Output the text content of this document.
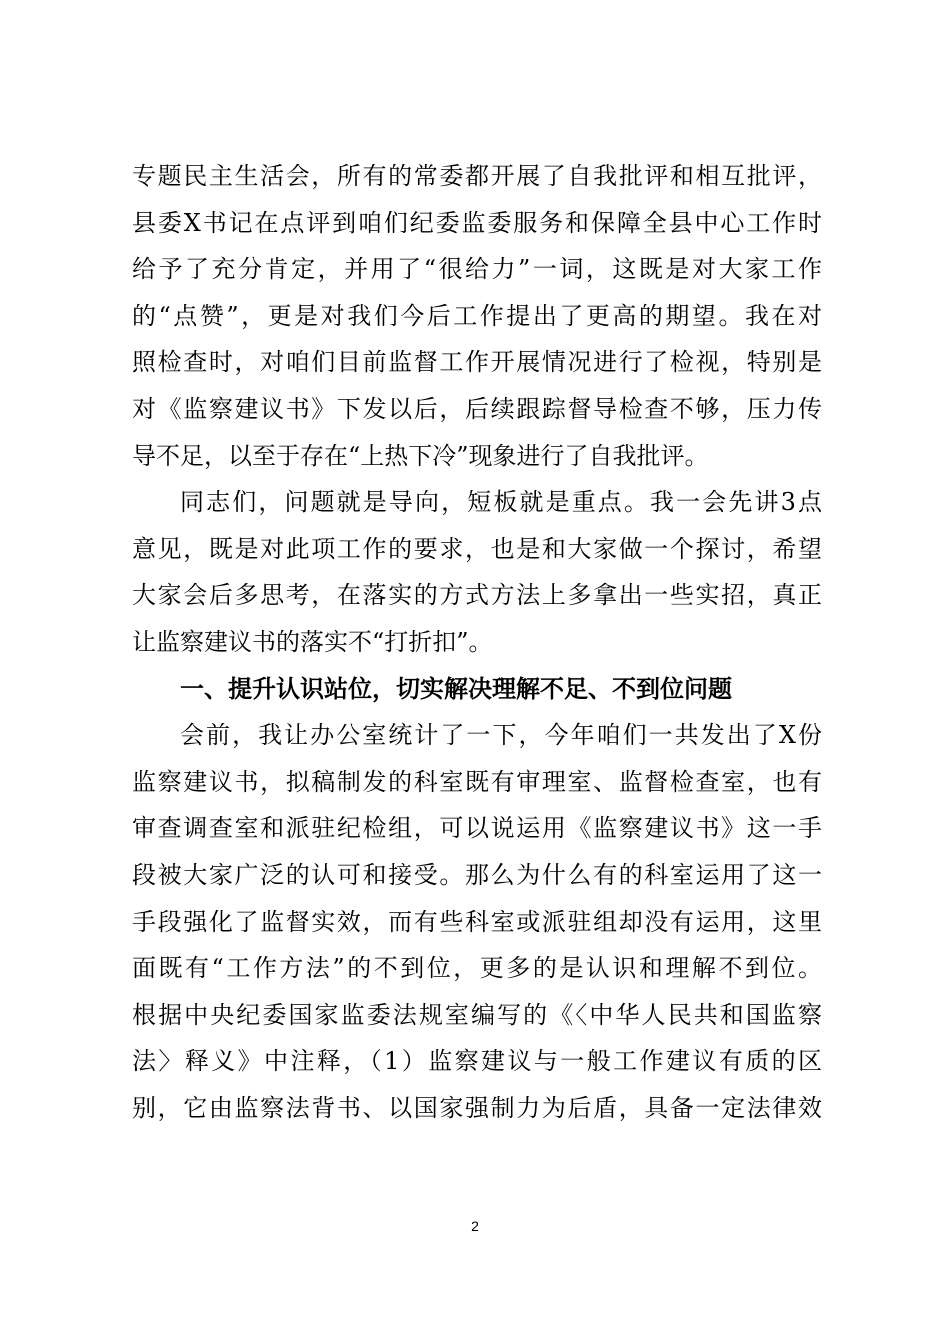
专题民主生活会，所有的常委都开展了自我批评和相互批评，
县委X书记在点评到咱们纪委监委服务和保障全县中心工作时
给予了充分肯定，并用了“很给力”一词，这既是对大家工作
的“点赞”，更是对我们今后工作提出了更高的期望。我在对
照检查时，对咱们目前监督工作开展情况进行了检视，特别是
对《监察建议书》下发以后，后续跟踪督导检查不够，压力传
导不足，以至于存在“上热下冷”现象进行了自我批评。
同志们，问题就是导向，短板就是重点。我一会先讲3点
意见，既是对此项工作的要求，也是和大家做一个探讨，希望
大家会后多思考，在落实的方式方法上多拿出一些实招，真正
让监察建议书的落实不“打折扣”。
一、提升认识站位，切实解决理解不足、不到位问题
会前，我让办公室统计了一下，今年咱们一共发出了X份
监察建议书，拟稿制发的科室既有审理室、监督检查室，也有
审查调查室和派驻纪检组，可以说运用《监察建议书》这一手
段被大家广泛的认可和接受。那么为什么有的科室运用了这一
手段强化了监督实效，而有些科室或派驻组却没有运用，这里
面既有“工作方法”的不到位，更多的是认识和理解不到位。
根据中央纪委国家监委法规室编写的《〈中华人民共和国监察
法〉释义》中注释，（1）监察建议与一般工作建议有质的区
别，它由监察法背书、以国家强制力为后盾，具备一定法律效
2
